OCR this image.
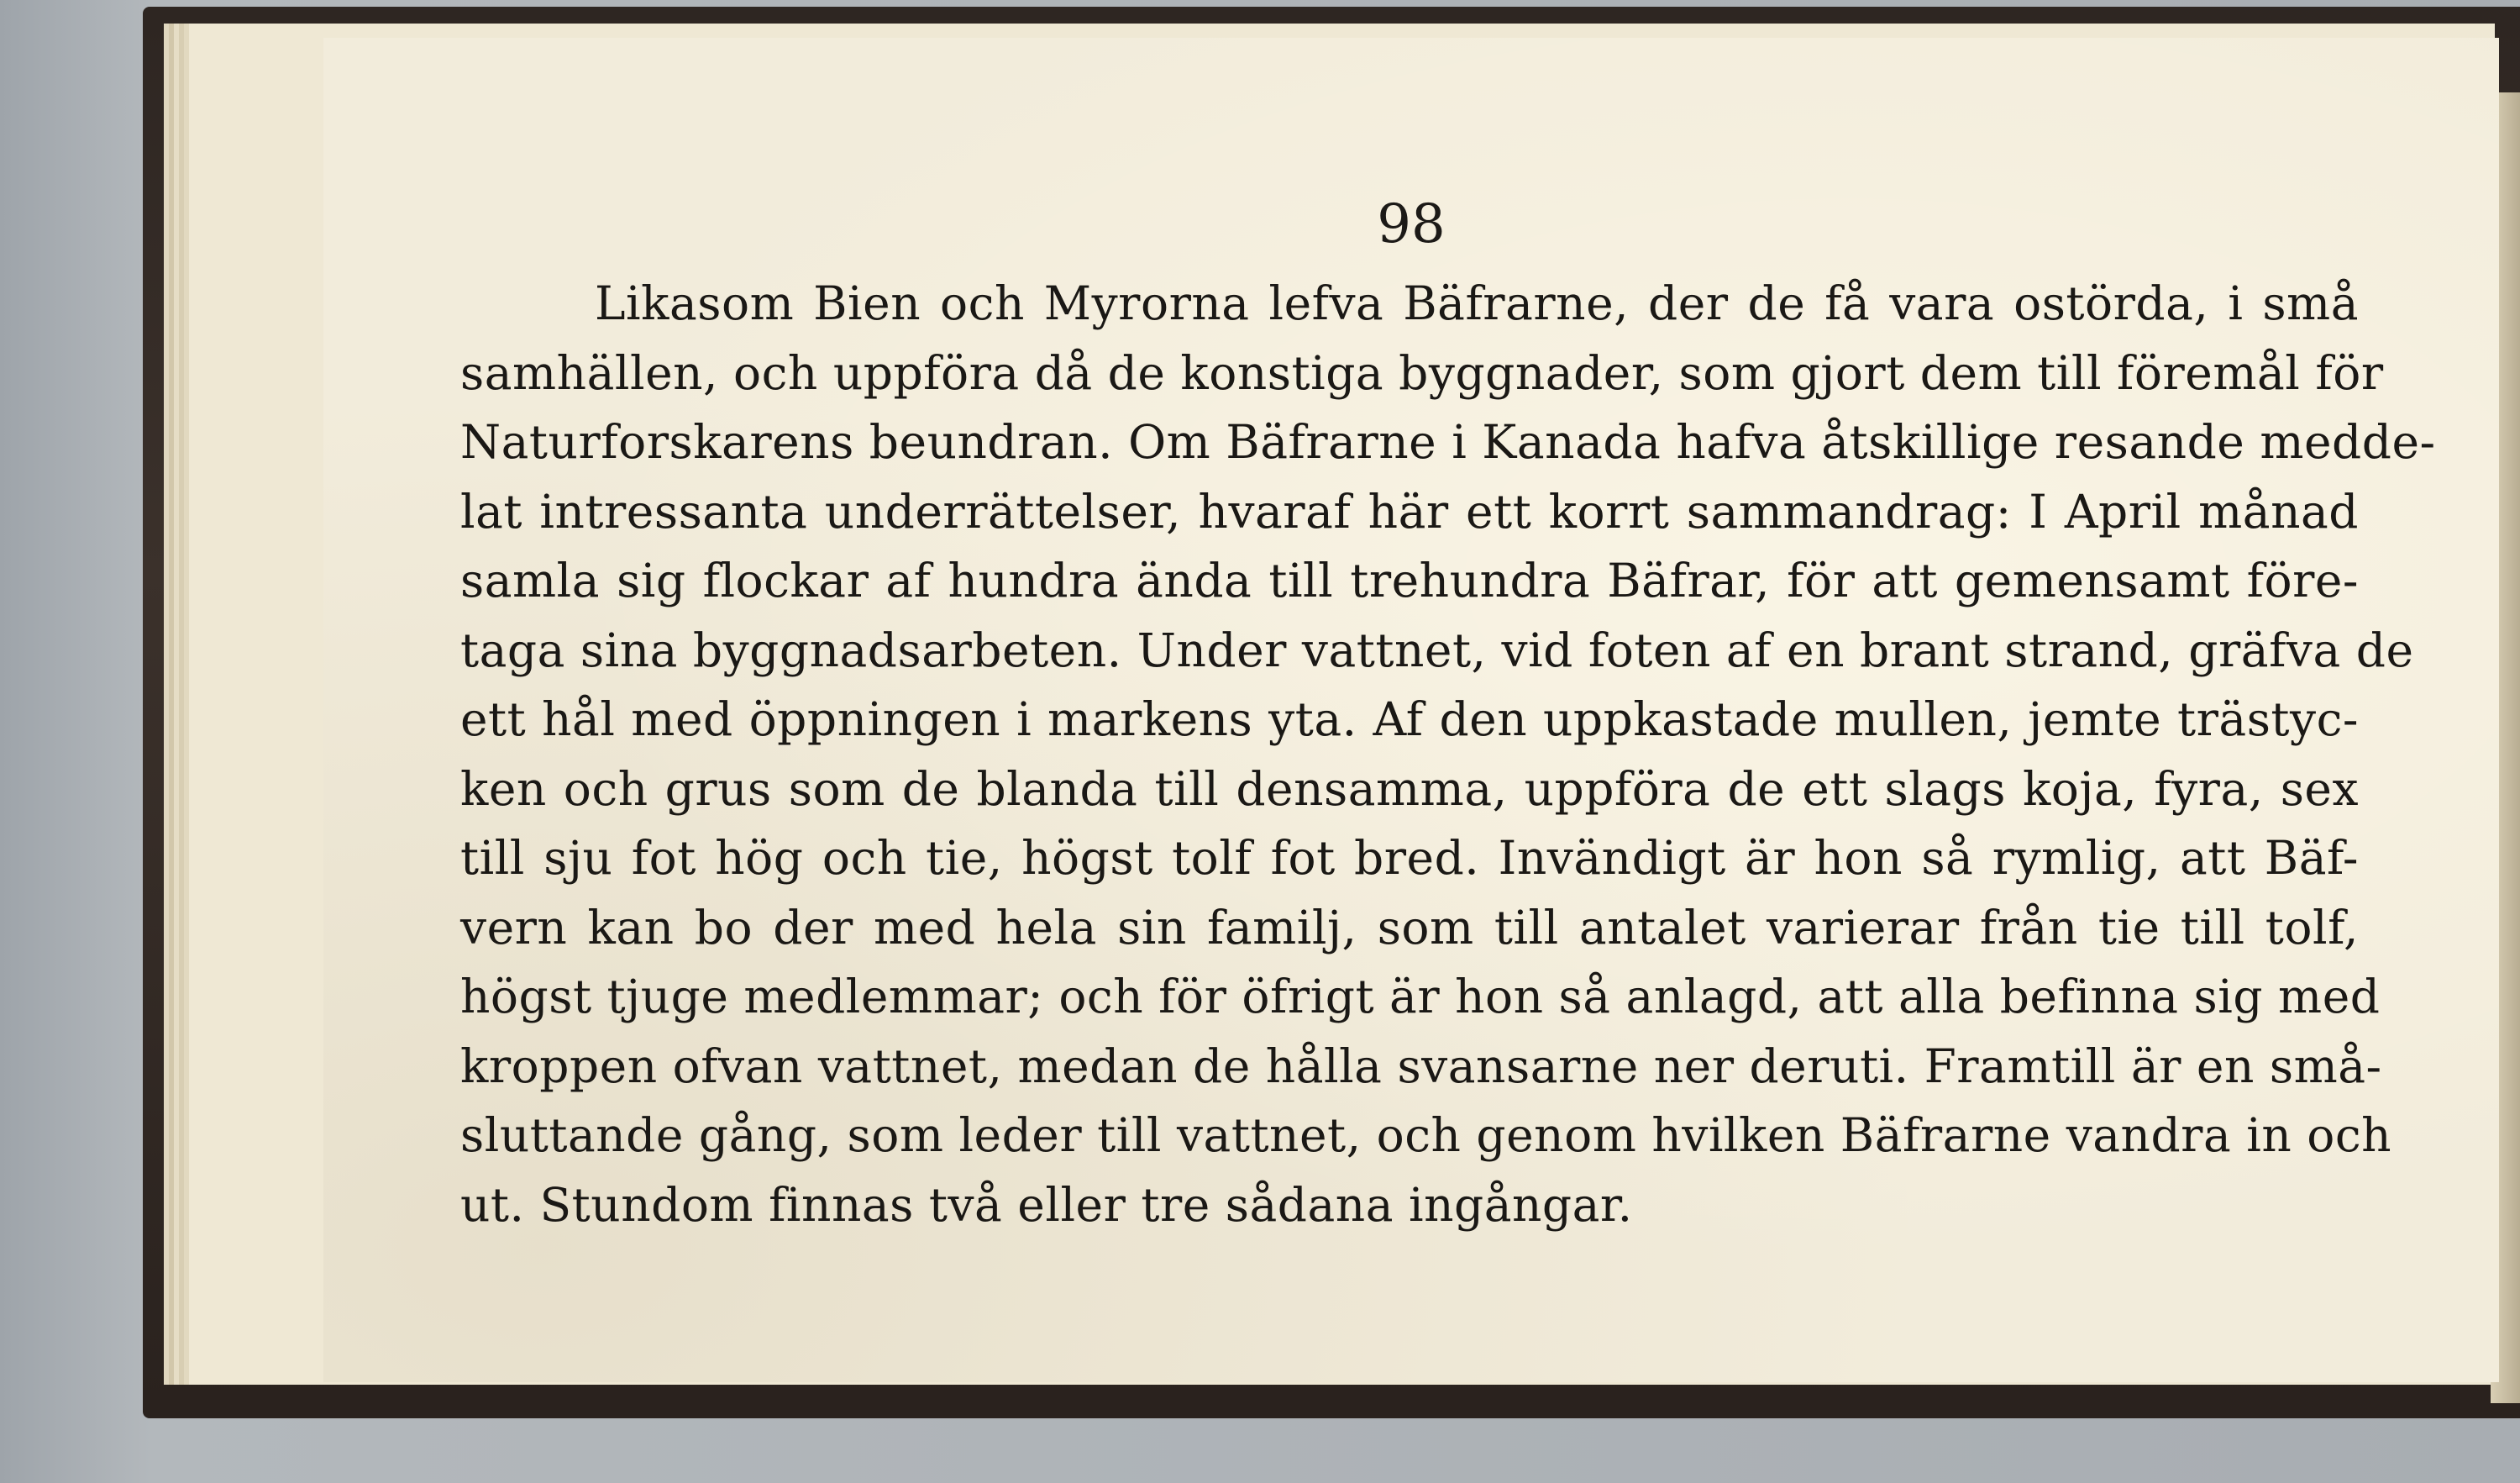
98
Likasom Bien och Myrorna lefva Bäfrarne, der de få vara ostörda, i små
samhällen, och uppföra då de konstiga byggnader, som gjort dem till föremål för
Naturforskarens beundran. Om Bäfrarne i Kanada hafva åtskillige resande medde-
lat intressanta underrättelser, hvaraf här ett korrt sammandrag: I April månad
samla sig flockar af hundra ända till trehundra Bäfrar, för att gemensamt före-
taga sina byggnadsarbeten. Under vattnet, vid foten af en brant strand, gräfva de
ett hål med öppningen i markens yta. Af den uppkastade mullen, jemte trästyc-
ken och grus som de blanda till densamma, uppföra de ett slags koja, fyra, sex
till sju fot hög och tie, högst tolf fot bred. Invändigt är hon så rymlig, att Bäf-
vern kan bo der med hela sin familj, som till antalet varierar från tie till tolf,
högst tjuge medlemmar; och för öfrigt är hon så anlagd, att alla befinna sig med
kroppen ofvan vattnet, medan de hålla svansarne ner deruti. Framtill är en små-
sluttande gång, som leder till vattnet, och genom hvilken Bäfrarne vandra in och
ut. Stundom finnas två eller tre sådana ingångar.
